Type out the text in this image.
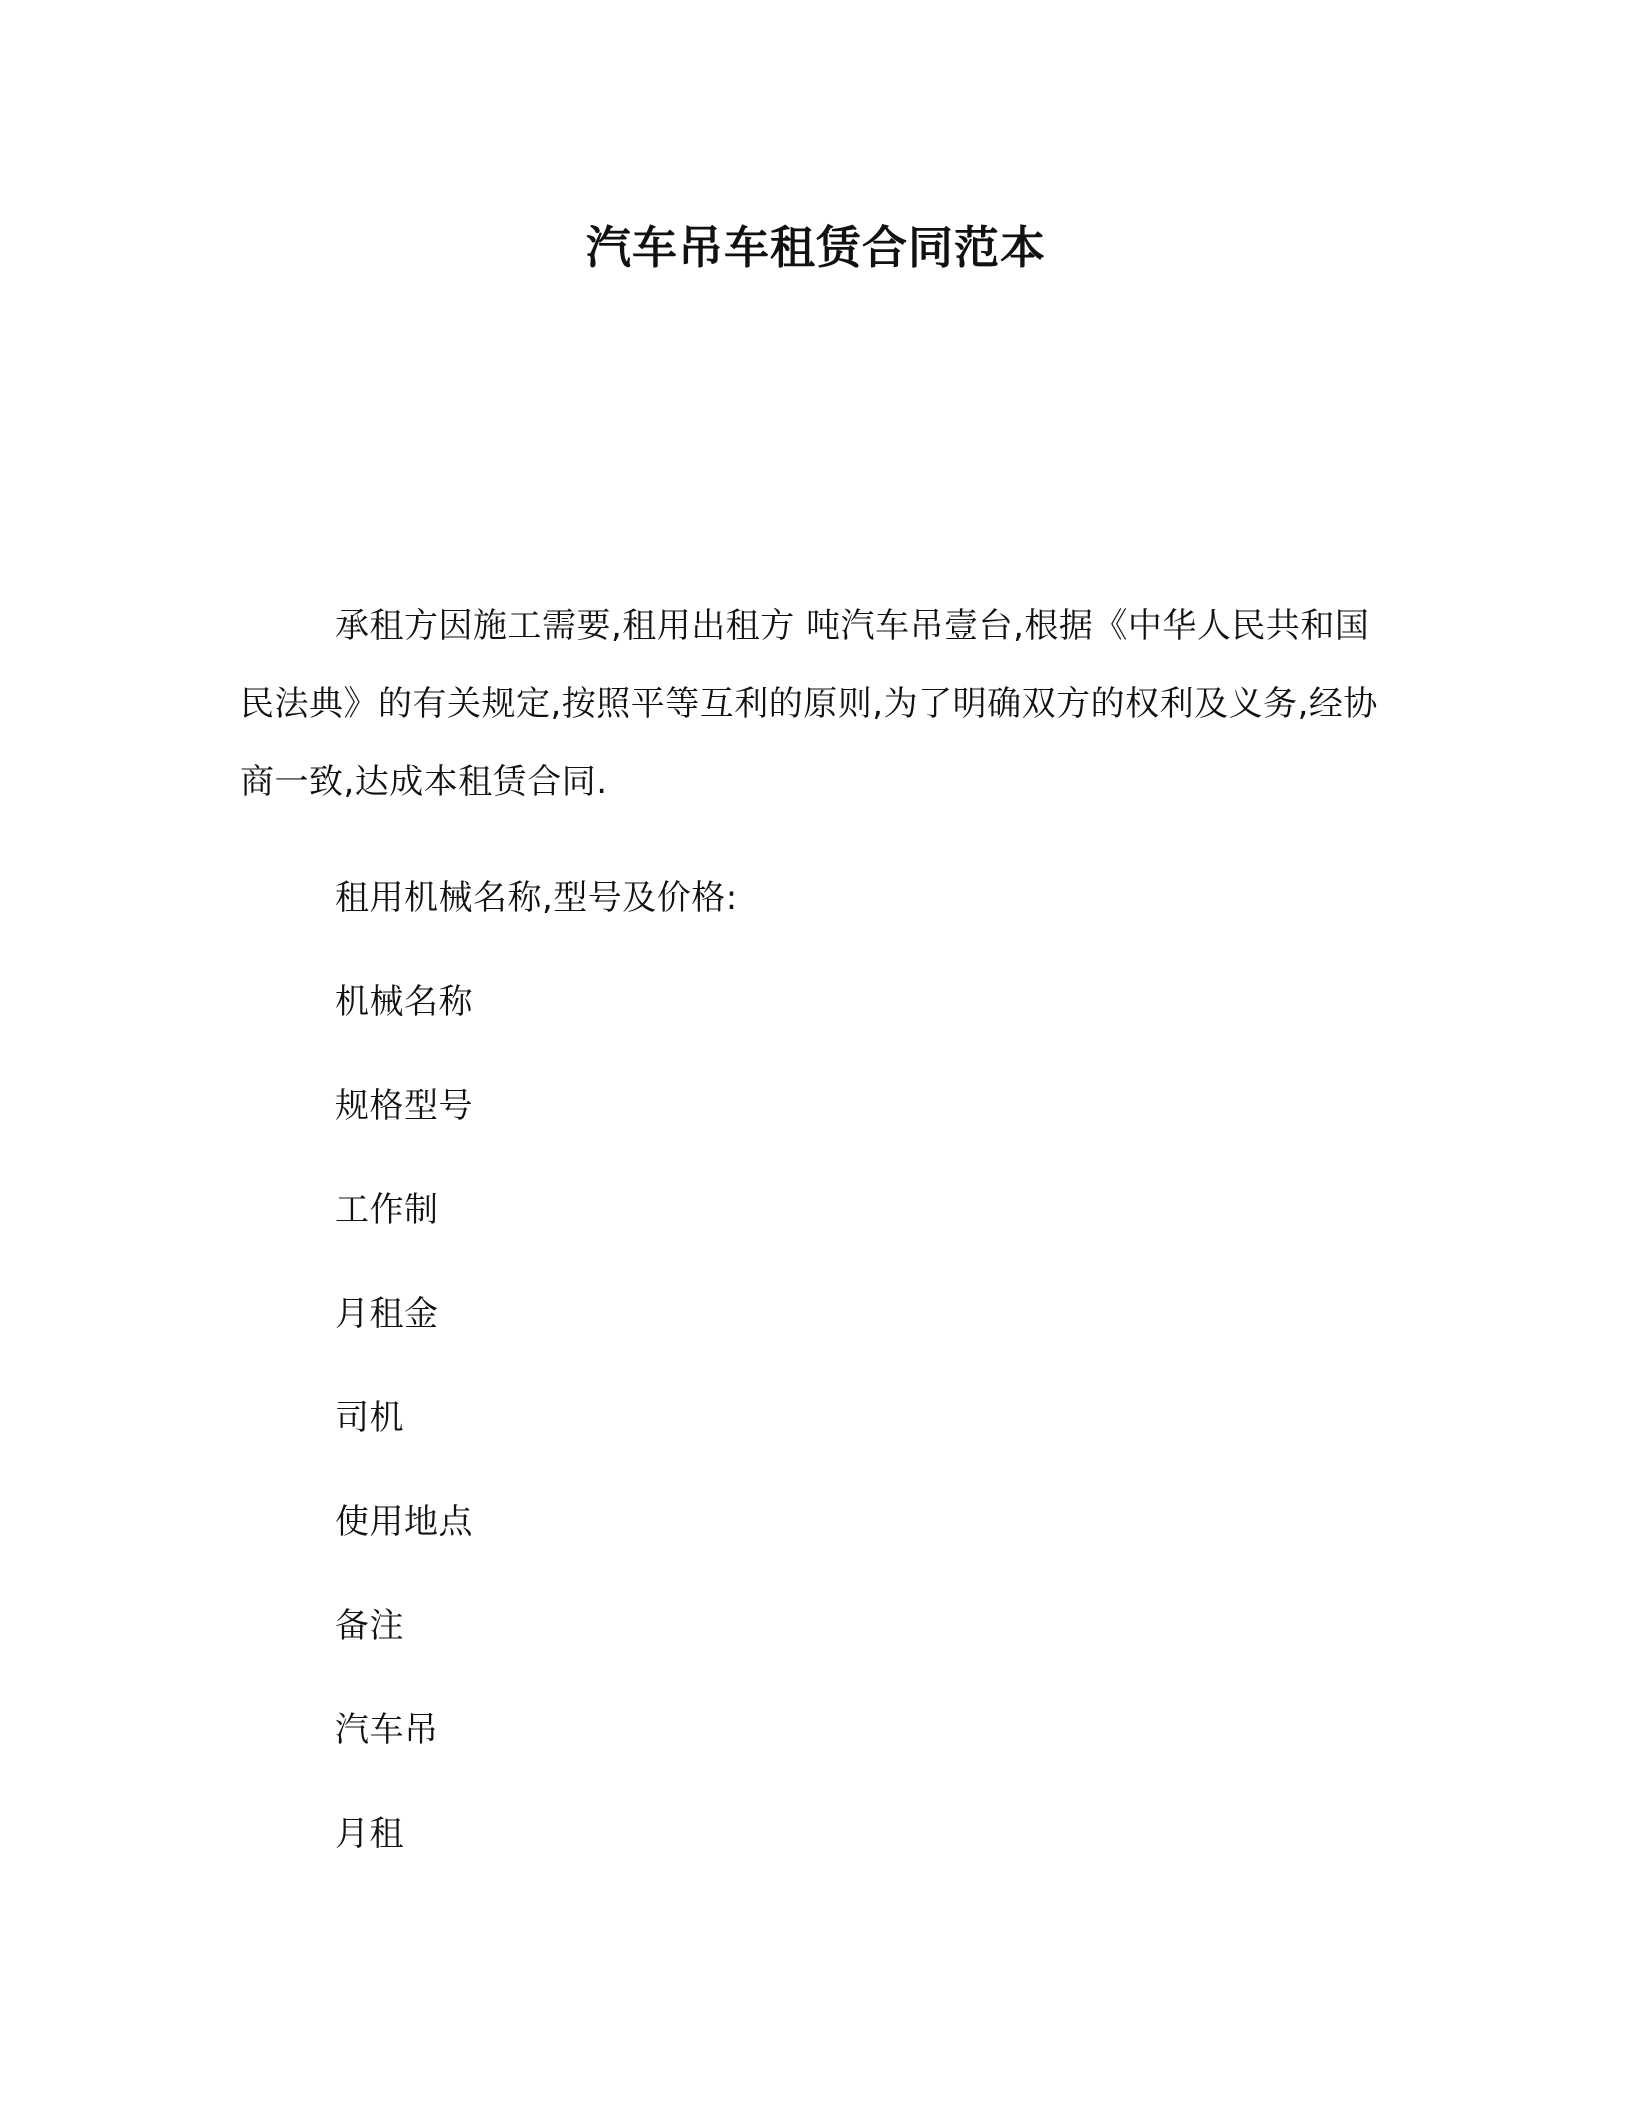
汽车吊车租赁合同范本

承租方因施工需要,租用出租方 吨汽车吊壹台,根据《中华人民共和国民法典》的有关规定,按照平等互利的原则,为了明确双方的权利及义务,经协商一致,达成本租赁合同.

租用机械名称,型号及价格:
机械名称
规格型号
工作制
月租金
司机
使用地点
备注
汽车吊
月租
